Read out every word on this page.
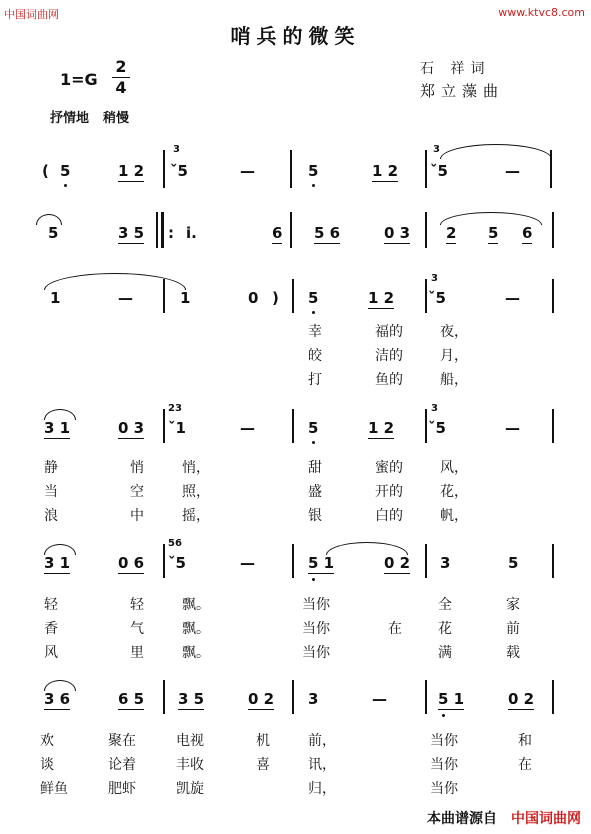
中国词曲网	www.ktvc8.com
哨兵的微笑
石 祥词
郑立藻曲
1=G
2
4
抒情地 稍慢
( 5	1 2
3
ˇ5	—	5	1 2
3
ˇ5	—
5	3 5 : i.	6 5 6	0 3 2 5 6
1	—	1	0 ) 5	1 2
3
ˇ5	—
幸	福的	夜，
皎	洁的	月，
打	鱼的	船，
3 1	0 3
23
ˇ1	—	5	1 2
3
ˇ5	—
静	悄	悄，	甜	蜜的	风，
当	空	照，	盛	开的	花，
浪	中	摇，	银	白的	帆，
3 1	0 6
56
ˇ5	—	5 1	0 2 3	5
轻	轻	飘。	当你	全	家
香	气	飘。	当你	在	花	前
风	里	飘。	当你	满	载
3 6	6 5 3 5	0 2 3	—	5 1	0 2
欢	聚在	电视	机	前，	当你	和
谈	论着	丰收	喜	讯，	当你	在
鲜鱼	肥虾	凯旋	归，	当你
本曲谱源自 中国词曲网
